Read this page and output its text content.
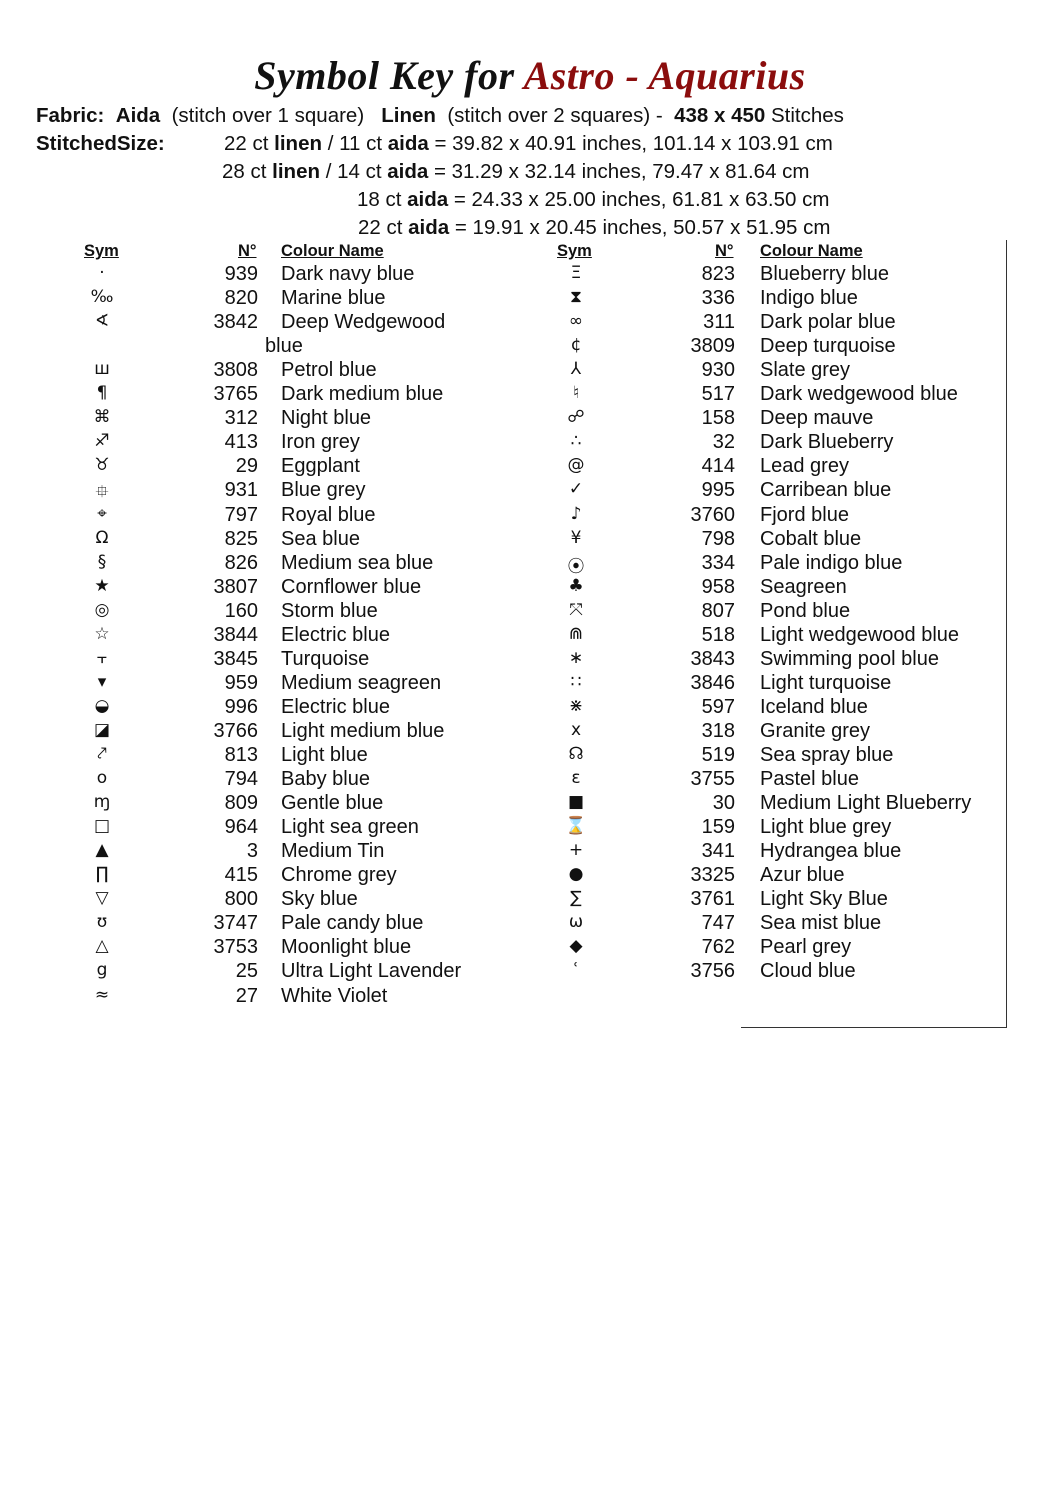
Symbol Key for Astro - Aquarius
Fabric: Aida (stitch over 1 square) Linen (stitch over 2 squares) - 438 x 450 Stitches
StitchedSize:	22 ct linen / 11 ct aida = 39.82 x 40.91 inches, 101.14 x 103.91 cm
28 ct linen / 14 ct aida = 31.29 x 32.14 inches, 79.47 x 81.64 cm
18 ct aida = 24.33 x 25.00 inches, 61.81 x 63.50 cm
22 ct aida = 19.91 x 20.45 inches, 50.57 x 51.95 cm
Sym	N° Colour Name	Sym	N° Colour Name
·	939 Dark navy blue
‰	820 Marine blue
∢	3842 Deep Wedgewood
blue
ш	3808 Petrol blue
¶	3765 Dark medium blue
⌘	312 Night blue
♐	413 Iron grey
♉	29 Eggplant
⯐	931 Blue grey
⌖	797 Royal blue
Ω	825 Sea blue
§	826 Medium sea blue
★	3807 Cornflower blue
◎	160 Storm blue
☆	3844 Electric blue
⫟	3845 Turquoise
▾	959 Medium seagreen
◒	996 Electric blue
◪	3766 Light medium blue
⤤	813 Light blue
o	794 Baby blue
ɱ	809 Gentle blue
□	964 Light sea green
▲	3 Medium Tin
∏	415 Chrome grey
▽	800 Sky blue
ʊ	3747 Pale candy blue
△	3753 Moonlight blue
g	25 Ultra Light Lavender
≈	27 White Violet
Ξ	823 Blueberry blue
⧗	336 Indigo blue
∞	311 Dark polar blue
¢	3809 Deep turquoise
⅄	930 Slate grey
♮	517 Dark wedgewood blue
☍	158 Deep mauve
∴	32 Dark Blueberry
@	414 Lead grey
✓	995 Carribean blue
♪	3760 Fjord blue
¥	798 Cobalt blue
⦿	334 Pale indigo blue
♣	958 Seagreen
⤧	807 Pond blue
⋒	518 Light wedgewood blue
∗	3843 Swimming pool blue
∷	3846 Light turquoise
⋇	597 Iceland blue
x	318 Granite grey
☊	519 Sea spray blue
ε	3755 Pastel blue
■	30 Medium Light Blueberry
⌛	159 Light blue grey
+	341 Hydrangea blue
●	3325 Azur blue
∑	3761 Light Sky Blue
ω	747 Sea mist blue
◆	762 Pearl grey
ʿ	3756 Cloud blue
